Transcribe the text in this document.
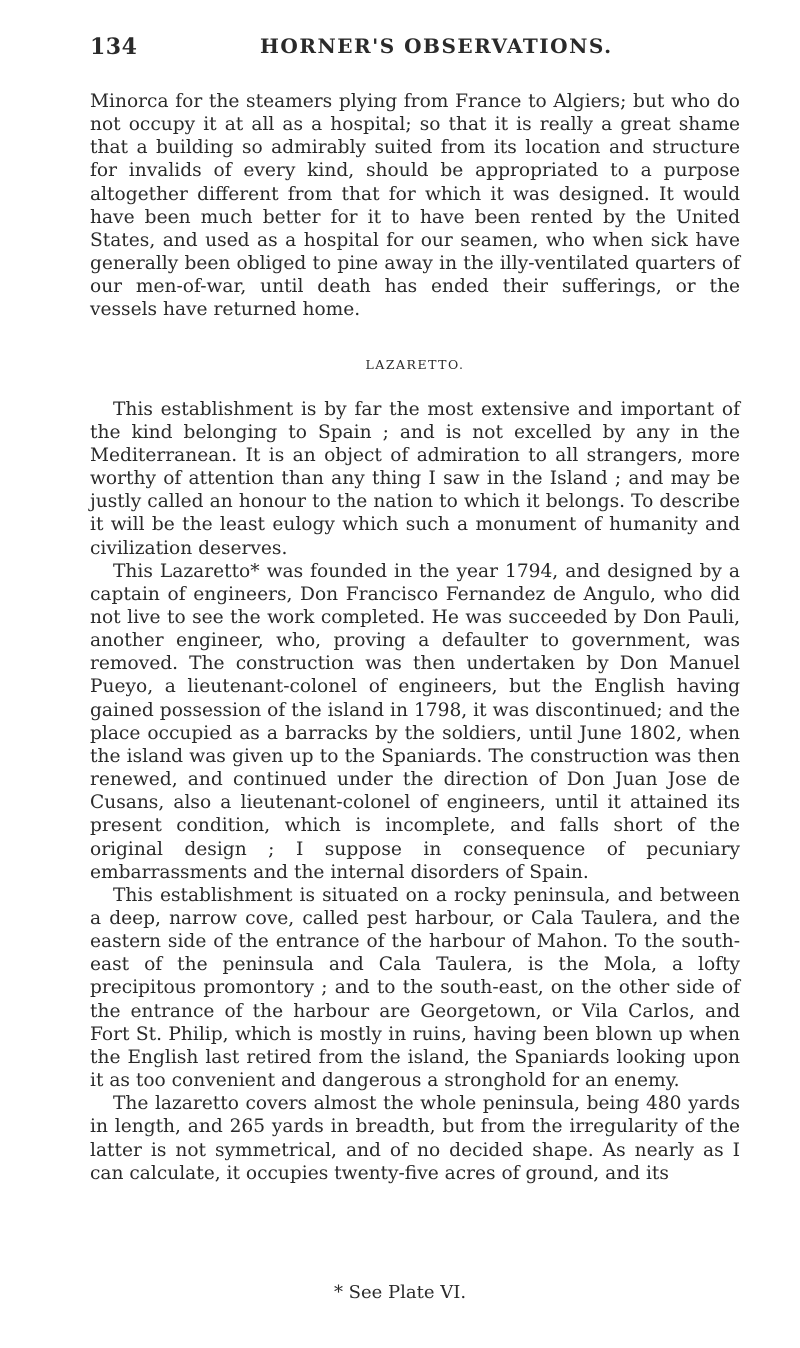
134	HORNER'S OBSERVATIONS.

Minorca for the steamers plying from France to Algiers; but who do not occupy it at all as a hospital; so that it is really a great shame that a building so admirably suited from its location and structure for invalids of every kind, should be appropriated to a purpose altogether different from that for which it was designed. It would have been much better for it to have been rented by the United States, and used as a hospital for our seamen, who when sick have generally been obliged to pine away in the illy-ventilated quarters of our men-of-war, until death has ended their sufferings, or the vessels have returned home.

LAZARETTO.

This establishment is by far the most extensive and important of the kind belonging to Spain ; and is not excelled by any in the Mediterranean. It is an object of admiration to all strangers, more worthy of attention than any thing I saw in the Island ; and may be justly called an honour to the nation to which it belongs. To describe it will be the least eulogy which such a monument of humanity and civilization deserves.

This Lazaretto* was founded in the year 1794, and designed by a captain of engineers, Don Francisco Fernandez de Angulo, who did not live to see the work completed. He was succeeded by Don Pauli, another engineer, who, proving a defaulter to government, was removed. The construction was then undertaken by Don Manuel Pueyo, a lieutenant-colonel of engineers, but the English having gained possession of the island in 1798, it was discontinued; and the place occupied as a barracks by the soldiers, until June 1802, when the island was given up to the Spaniards. The construction was then renewed, and continued under the direction of Don Juan Jose de Cusans, also a lieutenant-colonel of engineers, until it attained its present condition, which is incomplete, and falls short of the original design ; I suppose in consequence of pecuniary embarrassments and the internal disorders of Spain.

This establishment is situated on a rocky peninsula, and between a deep, narrow cove, called pest harbour, or Cala Taulera, and the eastern side of the entrance of the harbour of Mahon. To the south-east of the peninsula and Cala Taulera, is the Mola, a lofty precipitous promontory ; and to the south-east, on the other side of the entrance of the harbour are Georgetown, or Vila Carlos, and Fort St. Philip, which is mostly in ruins, having been blown up when the English last retired from the island, the Spaniards looking upon it as too convenient and dangerous a stronghold for an enemy.

The lazaretto covers almost the whole peninsula, being 480 yards in length, and 265 yards in breadth, but from the irregularity of the latter is not symmetrical, and of no decided shape. As nearly as I can calculate, it occupies twenty-five acres of ground, and its

* See Plate VI.
